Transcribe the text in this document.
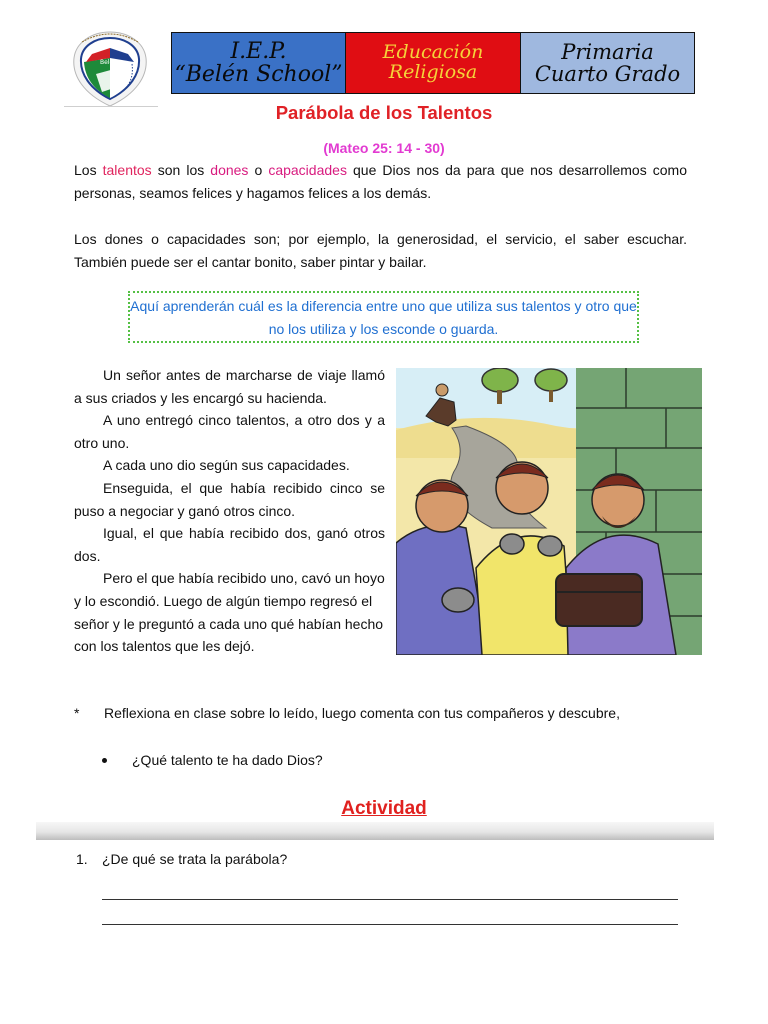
Belén	I.E.P.
“Belén School”
Educación
Religiosa
Primaria
Cuarto Grado
Parábola de los Talentos
(Mateo 25: 14 - 30)
Los talentos son los dones o capacidades que Dios nos da para que nos desarrollemos como personas, seamos felices y hagamos felices a los demás.
Los dones o capacidades son; por ejemplo, la generosidad, el servicio, el saber escuchar. También puede ser el cantar bonito, saber pintar y bailar.
Aquí aprenderán cuál es la diferencia entre uno que utiliza sus talentos y otro que no los utiliza y los esconde o guarda.

Un señor antes de marcharse de viaje llamó a sus criados y les encargó su hacienda.

A uno entregó cinco talentos, a otro dos y a otro uno.

A cada uno dio según sus capacidades.

Enseguida, el que había recibido cinco se puso a negociar y ganó otros cinco.

Igual, el que había recibido dos, ganó otros dos.

Pero el que había recibido uno, cavó un hoyo y lo escondió. Luego de algún tiempo regresó el señor y le preguntó a cada uno qué habían hecho con los talentos que les dejó.

* Reflexiona en clase sobre lo leído, luego comenta con tus compañeros y descubre,
¿Qué talento te ha dado Dios?
Actividad
1. ¿De qué se trata la parábola?
